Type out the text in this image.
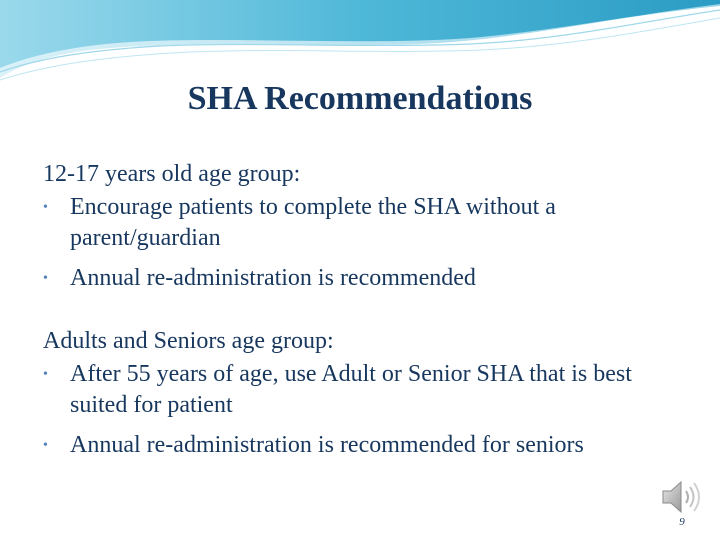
SHA Recommendations

12-17 years old age group:

• Encourage patients to complete the SHA without a parent/guardian
• Annual re-administration is recommended

Adults and Seniors age group:

• After 55 years of age, use Adult or Senior SHA that is best suited for patient
• Annual re-administration is recommended for seniors
9
